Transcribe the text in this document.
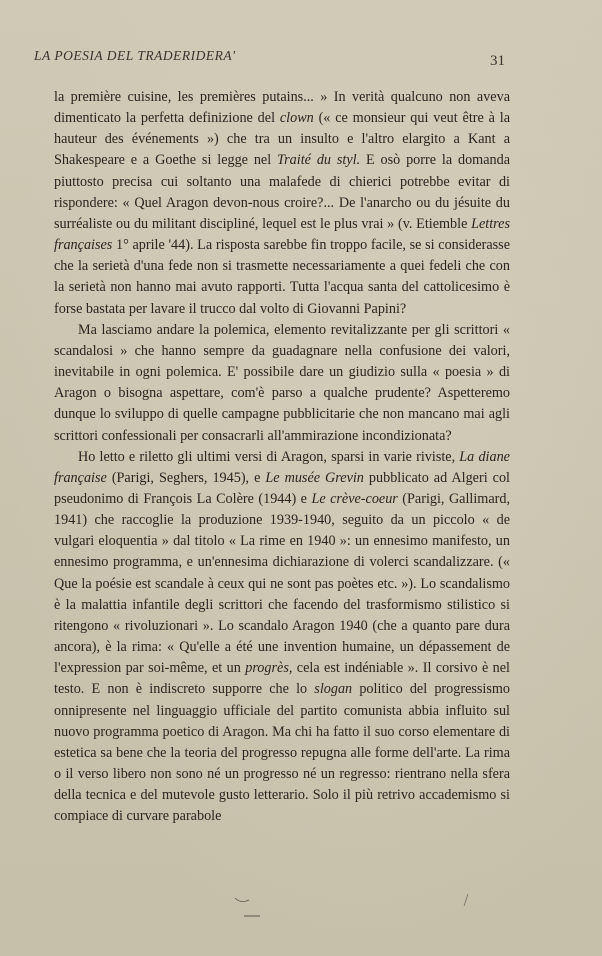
LA POESIA DEL TRADERIDERA'	31

la première cuisine, les premières putains... » In verità qualcuno non aveva dimenticato la perfetta definizione del clown (« ce monsieur qui veut être à la hauteur des événements ») che tra un insulto e l'altro elargito a Kant a Shakespeare e a Goethe si legge nel Traité du styl. E osò porre la domanda piuttosto precisa cui soltanto una malafede di chierici potrebbe evitar di rispondere: « Quel Aragon devon-nous croire?... De l'anarcho ou du jésuite du surréaliste ou du militant discipliné, lequel est le plus vrai » (v. Etiemble Lettres françaises 1° aprile '44). La risposta sarebbe fin troppo facile, se si considerasse che la serietà d'una fede non si trasmette necessariamente a quei fedeli che con la serietà non hanno mai avuto rapporti. Tutta l'acqua santa del cattolicesimo è forse bastata per lavare il trucco dal volto di Giovanni Papini?

Ma lasciamo andare la polemica, elemento revitalizzante per gli scrittori « scandalosi » che hanno sempre da guadagnare nella confusione dei valori, inevitabile in ogni polemica. E' possibile dare un giudizio sulla « poesia » di Aragon o bisogna aspettare, com'è parso a qualche prudente? Aspetteremo dunque lo sviluppo di quelle campagne pubblicitarie che non mancano mai agli scrittori confessionali per consacrarli all'ammirazione incondizionata?

Ho letto e riletto gli ultimi versi di Aragon, sparsi in varie riviste, La diane française (Parigi, Seghers, 1945), e Le musée Grevin pubblicato ad Algeri col pseudonimo di François La Colère (1944) e Le crève-coeur (Parigi, Gallimard, 1941) che raccoglie la produzione 1939-1940, seguito da un piccolo « de vulgari eloquentia » dal titolo « La rime en 1940 »: un ennesimo manifesto, un ennesimo programma, e un'ennesima dichiarazione di volerci scandalizzare. (« Que la poésie est scandale à ceux qui ne sont pas poètes etc. »). Lo scandalismo è la malattia infantile degli scrittori che facendo del trasformismo stilistico si ritengono « rivoluzionari ». Lo scandalo Aragon 1940 (che a quanto pare dura ancora), è la rima: « Qu'elle a été une invention humaine, un dépassement de l'expression par soi-même, et un progrès, cela est indéniable ». Il corsivo è nel testo. E non è indiscreto supporre che lo slogan politico del progressismo onnipresente nel linguaggio ufficiale del partito comunista abbia influito sul nuovo programma poetico di Aragon. Ma chi ha fatto il suo corso elementare di estetica sa bene che la teoria del progresso repugna alle forme dell'arte. La rima o il verso libero non sono né un progresso né un regresso: rientrano nella sfera della tecnica e del mutevole gusto letterario. Solo il più retrivo accademismo si compiace di curvare parabole
